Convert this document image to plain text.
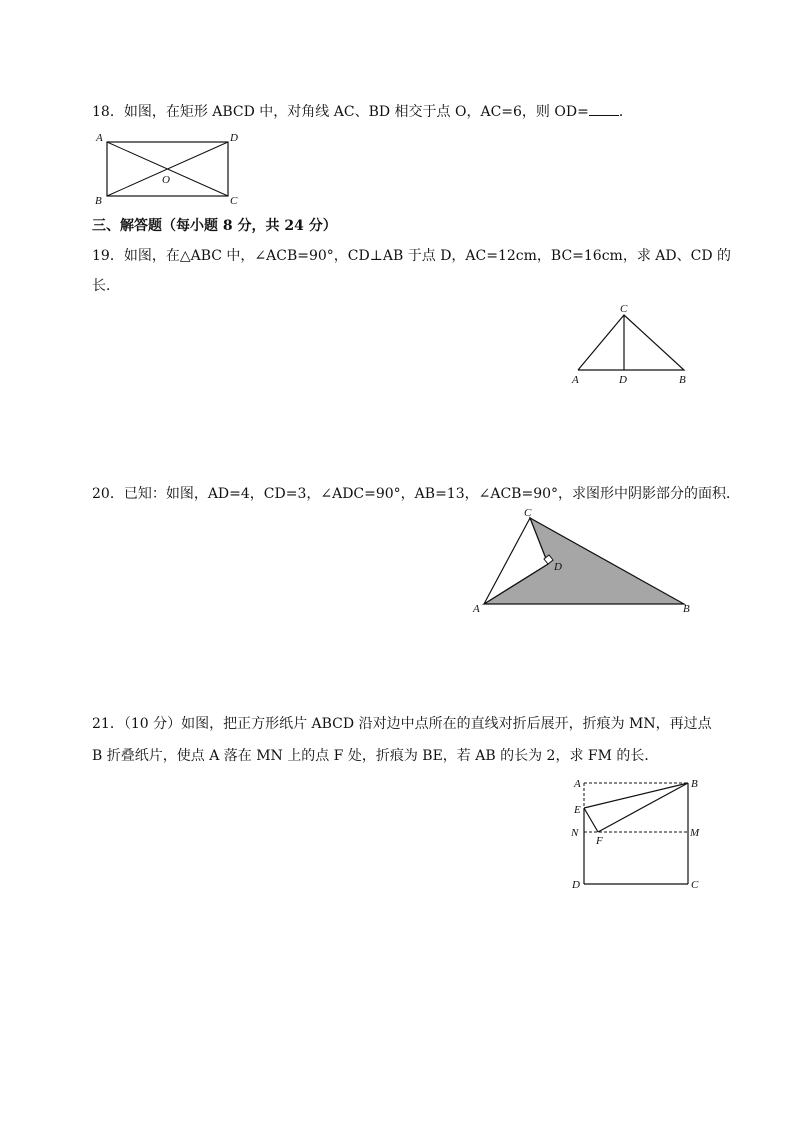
18．如图，在矩形 ABCD 中，对角线 AC、BD 相交于点 O，AC=6，则 OD= ．
A	D
B	C
O
三、解答题（每小题 8 分，共 24 分）
19．如图，在△ABC 中，∠ACB=90°，CD⊥AB 于点 D，AC=12cm，BC=16cm，求 AD、CD 的
长．
C
A	D	B
20．已知：如图，AD=4，CD=3，∠ADC=90°，AB=13，∠ACB=90°，求图形中阴影部分的面积．
C
D
A	B
21．（10 分）如图，把正方形纸片 ABCD 沿对边中点所在的直线对折后展开，折痕为 MN，再过点
B 折叠纸片，使点 A 落在 MN 上的点 F 处，折痕为 BE，若 AB 的长为 2，求 FM 的长．
A	B
E
N
F
M
D	C
